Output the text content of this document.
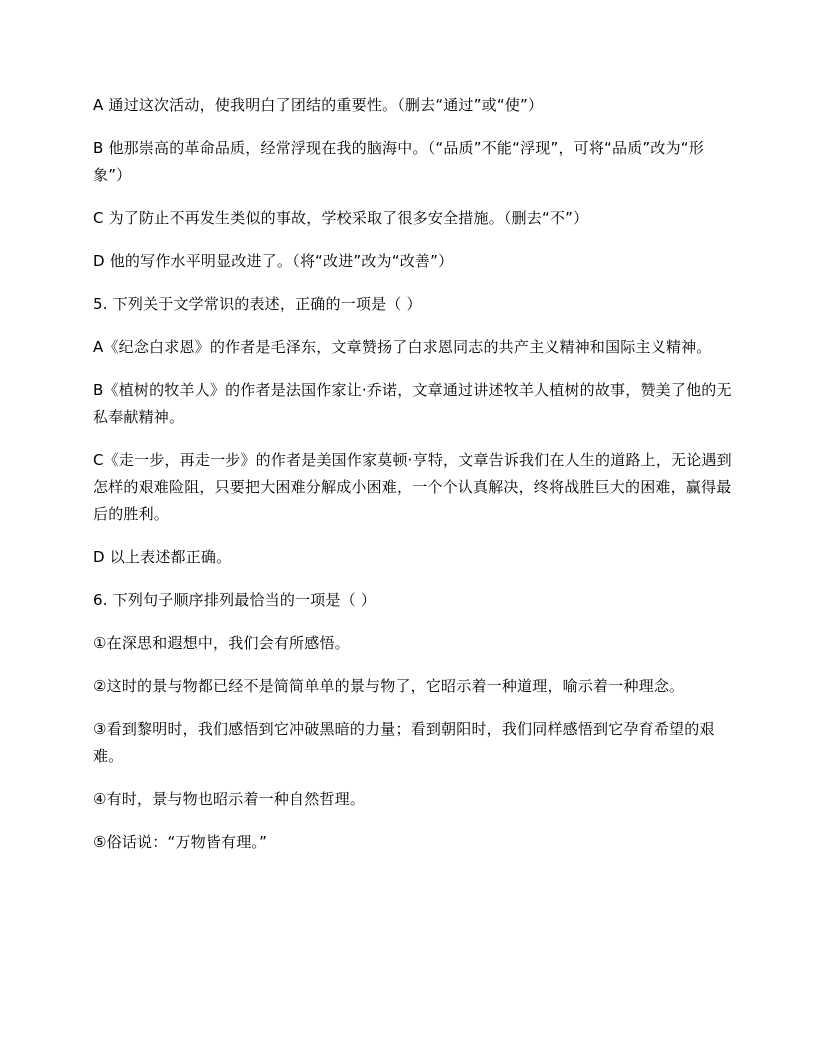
A 通过这次活动，使我明白了团结的重要性。（删去“通过”或“使”）

B 他那崇高的革命品质，经常浮现在我的脑海中。（“品质”不能“浮现”，可将“品质”改为“形象”）

C 为了防止不再发生类似的事故，学校采取了很多安全措施。（删去“不”）

D 他的写作水平明显改进了。（将“改进”改为“改善”）

5. 下列关于文学常识的表述，正确的一项是（ ）

A《纪念白求恩》的作者是毛泽东，文章赞扬了白求恩同志的共产主义精神和国际主义精神。

B《植树的牧羊人》的作者是法国作家让·乔诺，文章通过讲述牧羊人植树的故事，赞美了他的无私奉献精神。

C《走一步，再走一步》的作者是美国作家莫顿·亨特，文章告诉我们在人生的道路上，无论遇到怎样的艰难险阻，只要把大困难分解成小困难，一个个认真解决，终将战胜巨大的困难，赢得最后的胜利。

D 以上表述都正确。

6. 下列句子顺序排列最恰当的一项是（ ）

①在深思和遐想中，我们会有所感悟。

②这时的景与物都已经不是简简单单的景与物了，它昭示着一种道理，喻示着一种理念。

③看到黎明时，我们感悟到它冲破黑暗的力量；看到朝阳时，我们同样感悟到它孕育希望的艰难。

④有时，景与物也昭示着一种自然哲理。

⑤俗话说：“万物皆有理。”
